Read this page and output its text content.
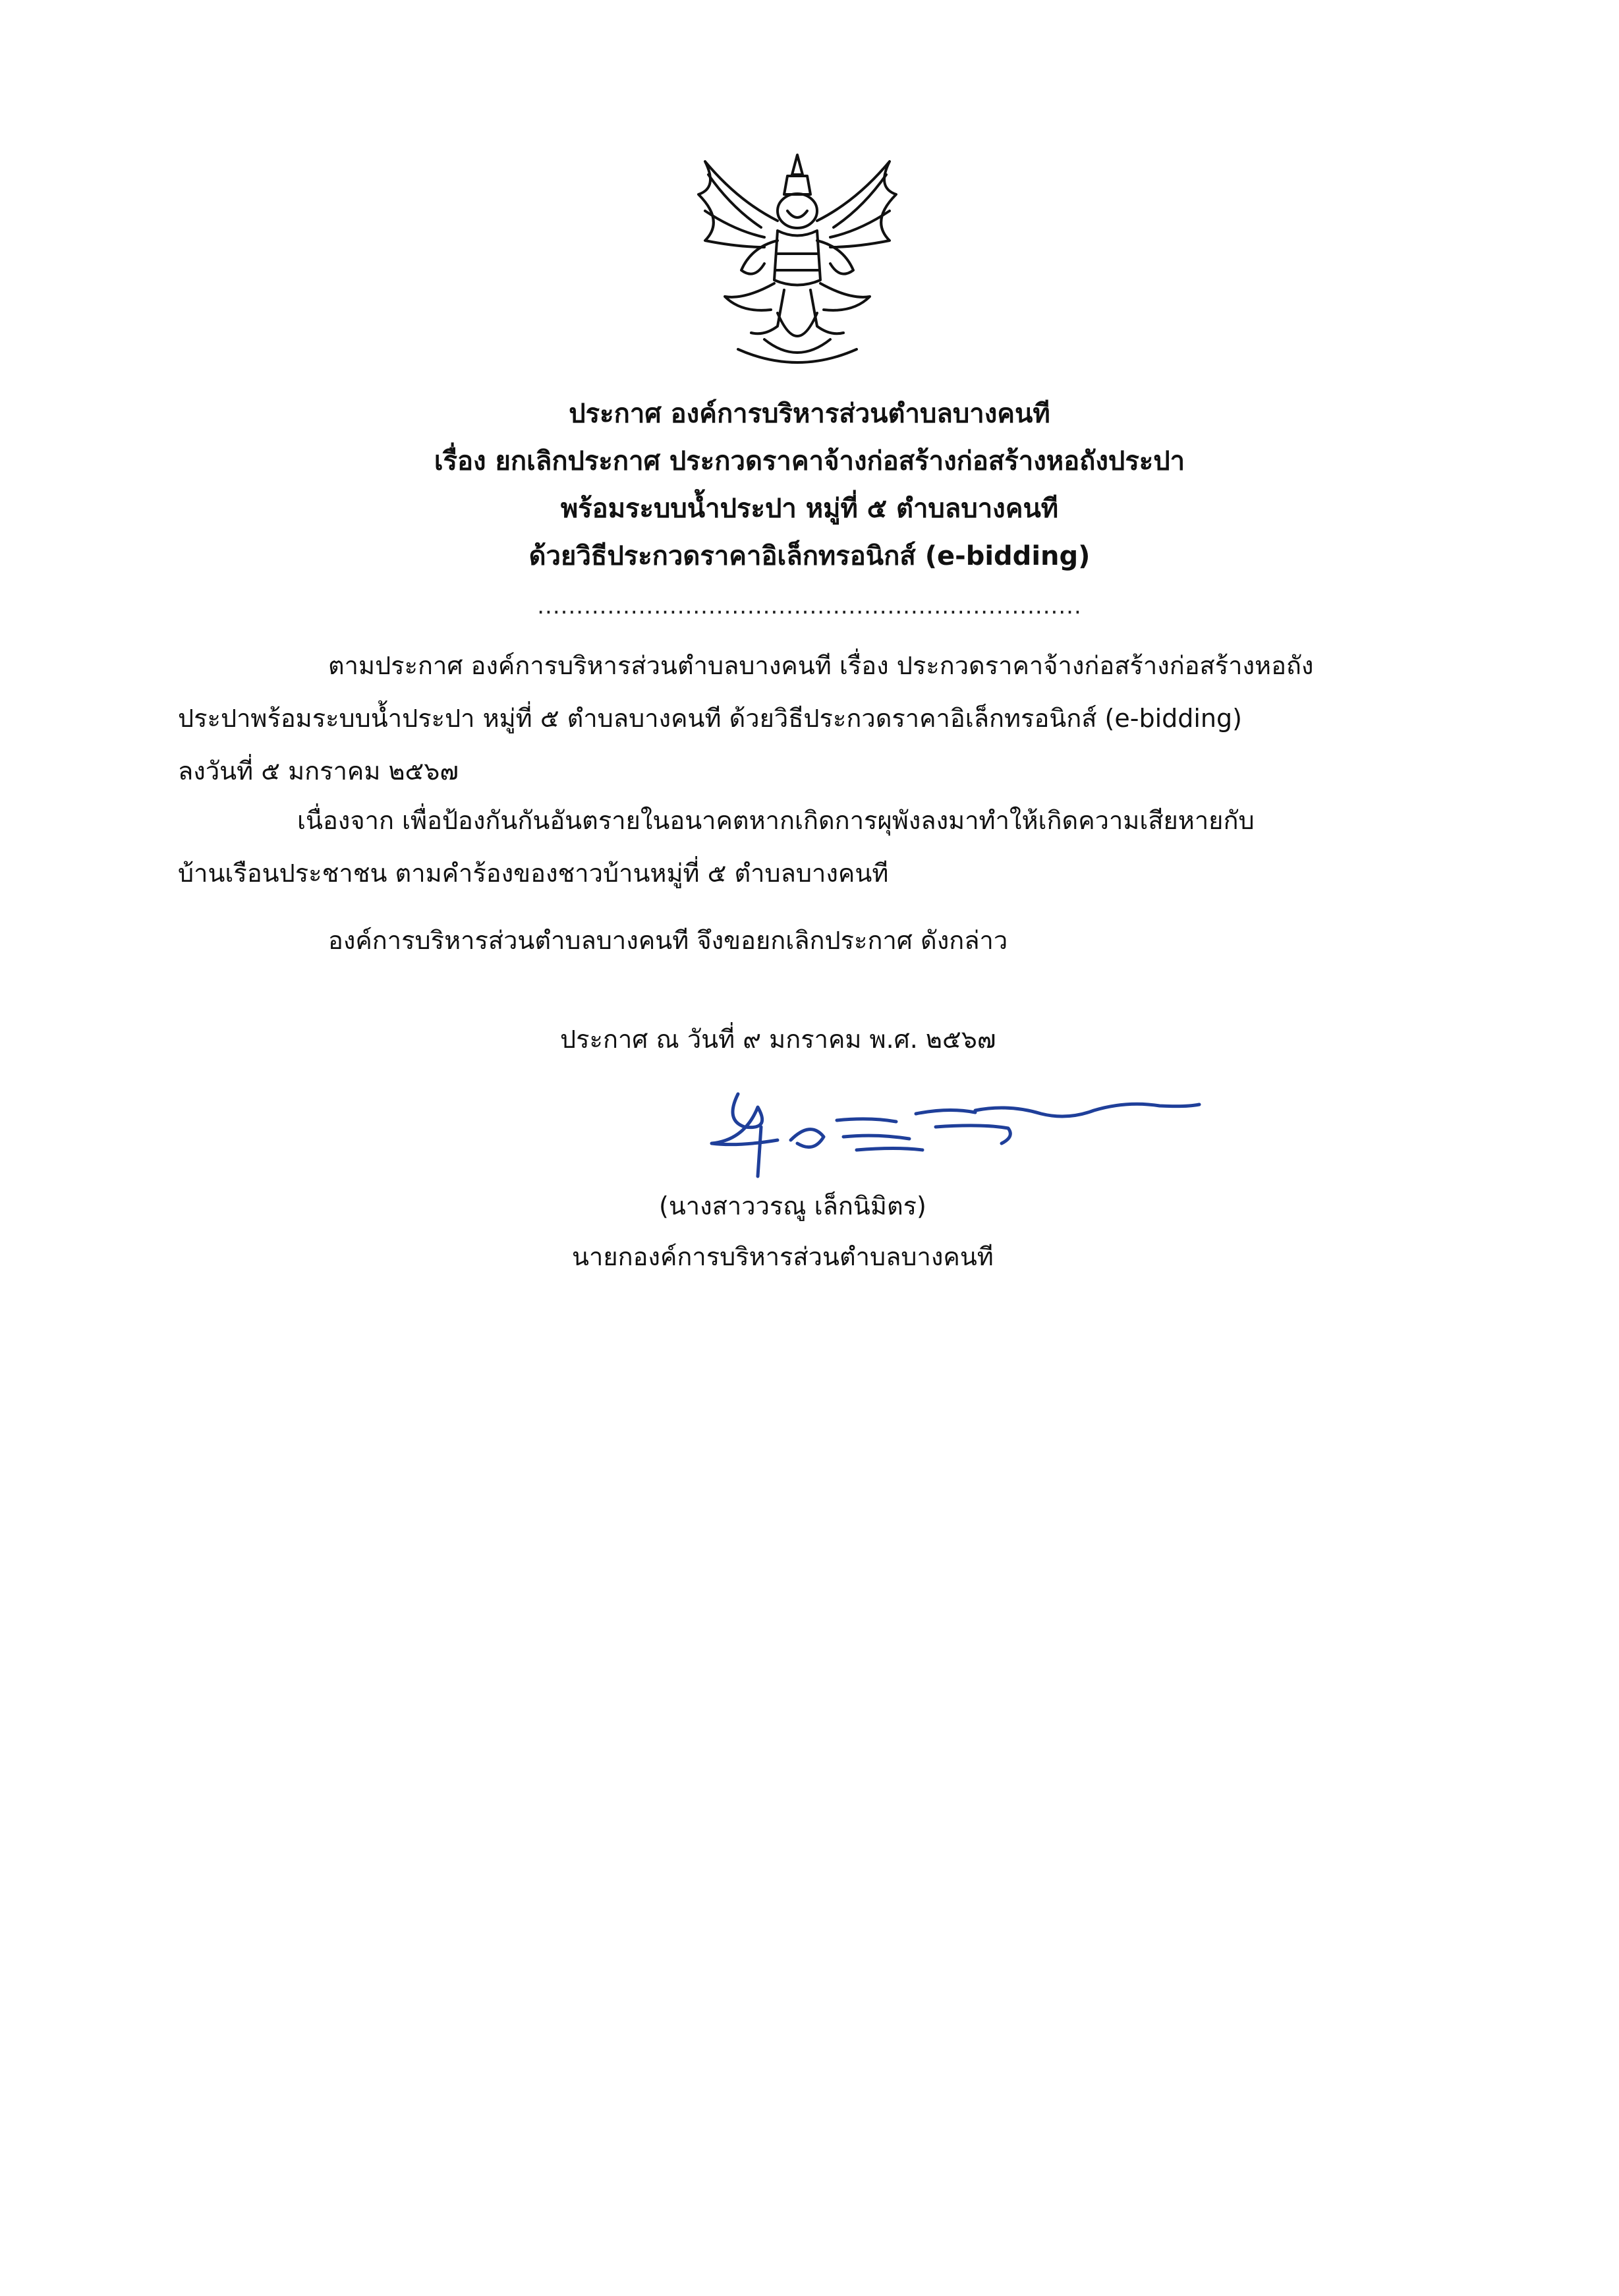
ประกาศ องค์การบริหารส่วนตำบลบางคนที
เรื่อง ยกเลิกประกาศ ประกวดราคาจ้างก่อสร้างก่อสร้างหอถังประปา
พร้อมระบบน้ำประปา หมู่ที่ ๕ ตำบลบางคนที
ด้วยวิธีประกวดราคาอิเล็กทรอนิกส์ (e-bidding)
......................................................................
ตามประกาศ องค์การบริหารส่วนตำบลบางคนที เรื่อง ประกวดราคาจ้างก่อสร้างก่อสร้างหอถัง
ประปาพร้อมระบบน้ำประปา หมู่ที่ ๕ ตำบลบางคนที ด้วยวิธีประกวดราคาอิเล็กทรอนิกส์ (e-bidding)
ลงวันที่ ๕ มกราคม ๒๕๖๗
เนื่องจาก เพื่อป้องกันกันอันตรายในอนาคตหากเกิดการผุพังลงมาทำให้เกิดความเสียหายกับ
บ้านเรือนประชาชน ตามคำร้องของชาวบ้านหมู่ที่ ๕ ตำบลบางคนที
องค์การบริหารส่วนตำบลบางคนที จึงขอยกเลิกประกาศ ดังกล่าว
ประกาศ ณ วันที่ ๙ มกราคม พ.ศ. ๒๕๖๗
(นางสาววรณู เล็กนิมิตร)
นายกองค์การบริหารส่วนตำบลบางคนที
